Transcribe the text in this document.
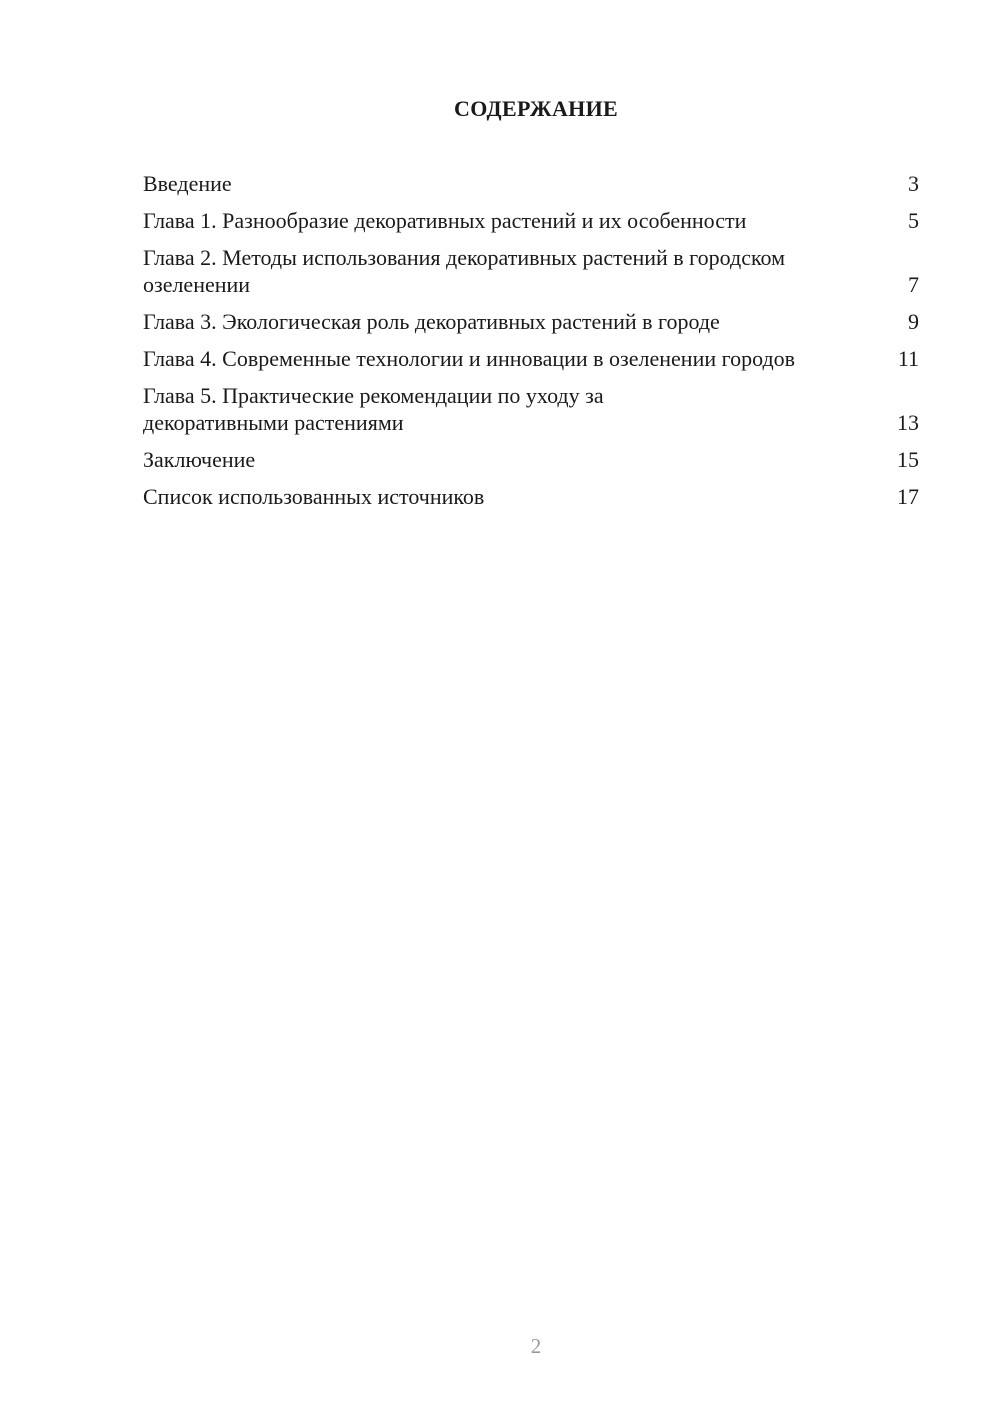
СОДЕРЖАНИЕ
Введение	3
Глава 1. Разнообразие декоративных растений и их особенности	5
Глава 2. Методы использования декоративных растений в городском озеленении	7
Глава 3. Экологическая роль декоративных растений в городе	9
Глава 4. Современные технологии и инновации в озеленении городов	11
Глава 5. Практические рекомендации по уходу за декоративными растениями	13
Заключение	15
Список использованных источников	17
2
